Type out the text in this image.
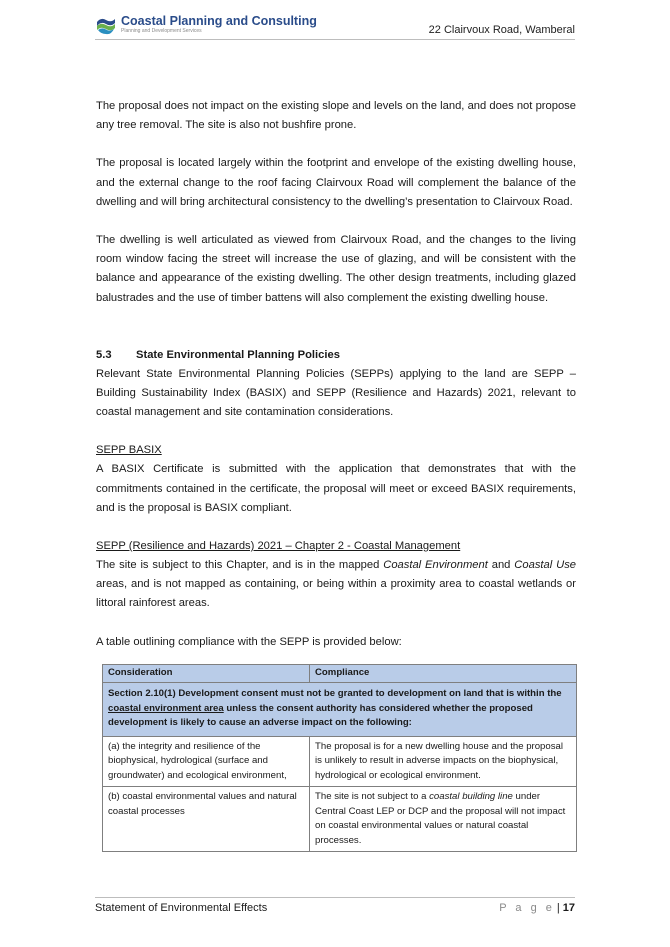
Coastal Planning and Consulting
Planning and Development Services	22 Clairvoux Road, Wamberal

The proposal does not impact on the existing slope and levels on the land, and does not propose any tree removal. The site is also not bushfire prone.

The proposal is located largely within the footprint and envelope of the existing dwelling house, and the external change to the roof facing Clairvoux Road will complement the balance of the dwelling and will bring architectural consistency to the dwelling’s presentation to Clairvoux Road.

The dwelling is well articulated as viewed from Clairvoux Road, and the changes to the living room window facing the street will increase the use of glazing, and will be consistent with the balance and appearance of the existing dwelling. The other design treatments, including glazed balustrades and the use of timber battens will also complement the existing dwelling house.

5.3	State Environmental Planning Policies

Relevant State Environmental Planning Policies (SEPPs) applying to the land are SEPP – Building Sustainability Index (BASIX) and SEPP (Resilience and Hazards) 2021, relevant to coastal management and site contamination considerations.

SEPP BASIX

A BASIX Certificate is submitted with the application that demonstrates that with the commitments contained in the certificate, the proposal will meet or exceed BASIX requirements, and is the proposal is BASIX compliant.

SEPP (Resilience and Hazards) 2021 – Chapter 2 - Coastal Management

The site is subject to this Chapter, and is in the mapped Coastal Environment and Coastal Use areas, and is not mapped as containing, or being within a proximity area to coastal wetlands or littoral rainforest areas.

A table outlining compliance with the SEPP is provided below:

Consideration	Compliance
Section 2.10(1) Development consent must not be granted to development on land that is within the coastal environment area unless the consent authority has considered whether the proposed development is likely to cause an adverse impact on the following:	
(a) the integrity and resilience of the biophysical, hydrological (surface and groundwater) and ecological environment,	The proposal is for a new dwelling house and the proposal is unlikely to result in adverse impacts on the biophysical, hydrological or ecological environment.
(b) coastal environmental values and natural coastal processes	The site is not subject to a coastal building line under Central Coast LEP or DCP and the proposal will not impact on coastal environmental values or natural coastal processes.
Statement of Environmental Effects	P a g e | 17
